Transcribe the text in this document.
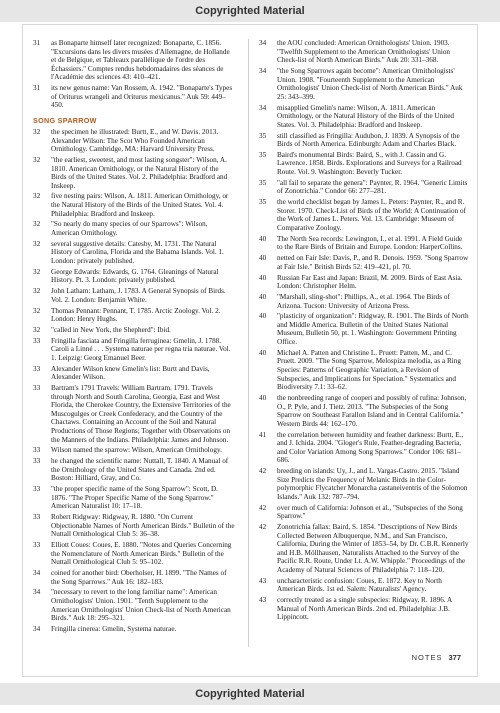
Copyrighted Material
31	as Bonaparte himself later recognized: Bonaparte, C. 1856. "Excursions dans les divers musées d'Allemagne, de Hollande et de Belgique, et Tableaux parallélique de l'ordre des Échassiers." Comptes rendus hebdomadaires des séances de l'Académie des sciences 43: 410–421.
31	its new genus name: Van Rossem, A. 1942. "Bonaparte's Types of Oriturus wrangeli and Oriturus mexicanus." Auk 59: 449–450.
SONG SPARROW
32	the specimen he illustrated: Burtt, E., and W. Davis. 2013. Alexander Wilson: The Scot Who Founded American Ornithology. Cambridge, MA: Harvard University Press.
32	"the earliest, sweetest, and most lasting songster": Wilson, A. 1810. American Ornithology, or the Natural History of the Birds of the United States. Vol. 2. Philadelphia: Bradford and Inskeep.
32	five nesting pairs: Wilson, A. 1811. American Ornithology, or the Natural History of the Birds of the United States. Vol. 4. Philadelphia: Bradford and Inskeep.
32	"So nearly do many species of our Sparrows": Wilson, American Ornithology.
32	several suggestive details: Catesby, M. 1731. The Natural History of Carolina, Florida and the Bahama Islands. Vol. 1. London: privately published.
32	George Edwards: Edwards, G. 1764. Gleanings of Natural History. Pt. 3. London: privately published.
32	John Latham: Latham, J. 1783. A General Synopsis of Birds. Vol. 2. London: Benjamin White.
32	Thomas Pennant: Pennant, T. 1785. Arctic Zoology. Vol. 2. London: Henry Hughs.
32	"called in New York, the Shepherd": Ibid.
33	Fringilla fasciata and Fringilla ferruginea: Gmelin, J. 1788. Caroli a Linné . . . Systema naturae per regna tria naturae. Vol. 1. Leipzig: Georg Emanuel Beer.
33	Alexander Wilson knew Gmelin's list: Burtt and Davis, Alexander Wilson.
33	Bartram's 1791 Travels: William Bartram. 1791. Travels through North and South Carolina, Georgia, East and West Florida, the Cherokee Country, the Extensive Territories of the Muscogulges or Creek Confederacy, and the Country of the Chactaws. Containing an Account of the Soil and Natural Productions of Those Regions; Together with Observations on the Manners of the Indians. Philadelphia: James and Johnson.
33	Wilson named the sparrow: Wilson, American Ornithology.
33	he changed the scientific name: Nuttall, T. 1840. A Manual of the Ornithology of the United States and Canada. 2nd ed. Boston: Hilliard, Gray, and Co.
33	"the proper specific name of the Song Sparrow": Scott, D. 1876. "The Proper Specific Name of the Song Sparrow." American Naturalist 10: 17–18.
33	Robert Ridgway: Ridgway, R. 1880. "On Current Objectionable Names of North American Birds." Bulletin of the Nuttall Ornithological Club 5: 36–38.
33	Elliott Coues: Coues, E. 1880. "Notes and Queries Concerning the Nomenclature of North American Birds." Bulletin of the Nuttall Ornithological Club 5: 95–102.
34	coined for another bird: Oberholser, H. 1899. "The Names of the Song Sparrows." Auk 16: 182–183.
34	"necessary to revert to the long familiar name": American Ornithologists' Union. 1901. "Tenth Supplement to the American Ornithologists' Union Check-list of North American Birds." Auk 18: 295–321.
34	Fringilla cinerea: Gmelin, Systema naturae.
34	the AOU concluded: American Ornithologists' Union. 1903. "Twelfth Supplement to the American Ornithologists' Union Check-list of North American Birds." Auk 20: 331–368.
34	"the Song Sparrows again become": American Ornithologists' Union. 1908. "Fourteenth Supplement to the American Ornithologists' Union Check-list of North American Birds." Auk 25: 343–399.
34	misapplied Gmelin's name: Wilson, A. 1811. American Ornithology, or the Natural History of the Birds of the United States. Vol. 3. Philadelphia: Bradford and Inskeep.
35	still classified as Fringilla: Audubon, J. 1839. A Synopsis of the Birds of North America. Edinburgh: Adam and Charles Black.
35	Baird's monumental Birds: Baird, S., with J. Cassin and G. Lawrence. 1858. Birds. Explorations and Surveys for a Railroad Route. Vol. 9. Washington: Beverly Tucker.
35	"all fail to separate the genera": Paynter, R. 1964. "Generic Limits of Zonotrichia." Condor 66: 277–281.
35	the world checklist began by James L. Peters: Paynter, R., and R. Storer. 1970. Check-List of Birds of the World: A Continuation of the Work of James L. Peters. Vol. 13. Cambridge: Museum of Comparative Zoology.
40	The North Sea records: Lewington, I., et al. 1991. A Field Guide to the Rare Birds of Britain and Europe. London: HarperCollins.
40	netted on Fair Isle: Davis, P., and R. Denois. 1959. "Song Sparrow at Fair Isle." British Birds 52: 419–421, pl. 70.
40	Russian Far East and Japan: Brazil, M. 2009. Birds of East Asia. London: Christopher Helm.
40	"Marshall, sling-shot": Phillips, A., et al. 1964. The Birds of Arizona. Tucson: University of Arizona Press.
40	"plasticity of organization": Ridgway, R. 1901. The Birds of North and Middle America. Bulletin of the United States National Museum, Bulletin 50, pt. 1. Washington: Government Printing Office.
40	Michael A. Patten and Christine L. Pruett: Patten, M., and C. Pruett. 2009. "The Song Sparrow, Melospiza melodia, as a Ring Species: Patterns of Geographic Variation, a Revision of Subspecies, and Implications for Speciation." Systematics and Biodiversity 7.1: 33–62.
40	the nonbreeding range of cooperi and possibly of rufina: Johnson, O., P. Pyle, and J. Tietz. 2013. "The Subspecies of the Song Sparrow on Southeast Farallon Island and in Central California." Western Birds 44: 162–170.
41	the correlation between humidity and feather darkness: Burtt, E., and J. Ichida. 2004. "Gloger's Rule, Feather-degrading Bacteria, and Color Variation Among Song Sparrows." Condor 106: 681–686.
42	breeding on islands: Uy, J., and L. Vargas-Castro. 2015. "Island Size Predicts the Frequency of Melanic Birds in the Color-polymorphic Flycatcher Monarcha castaneiventris of the Solomon Islands." Auk 132: 787–794.
42	over much of California: Johnson et al., "Subspecies of the Song Sparrow."
42	Zonotrichia fallax: Baird, S. 1854. "Descriptions of New Birds Collected Between Albuquerque, N.M., and San Francisco, California, During the Winter of 1853–54, by Dr. C.B.R. Kennerly and H.B. Möllhausen, Naturalists Attached to the Survey of the Pacific R.R. Route, Under Lt. A.W. Whipple." Proceedings of the Academy of Natural Sciences of Philadelphia 7: 118–120.
43	uncharacteristic confusion: Coues, E. 1872. Key to North American Birds. 1st ed. Salem: Naturalists' Agency.
43	correctly treated as a single subspecies: Ridgway, R. 1896. A Manual of North American Birds. 2nd ed. Philadelphia: J.B. Lippincott.
NOTES 377
Copyrighted Material
